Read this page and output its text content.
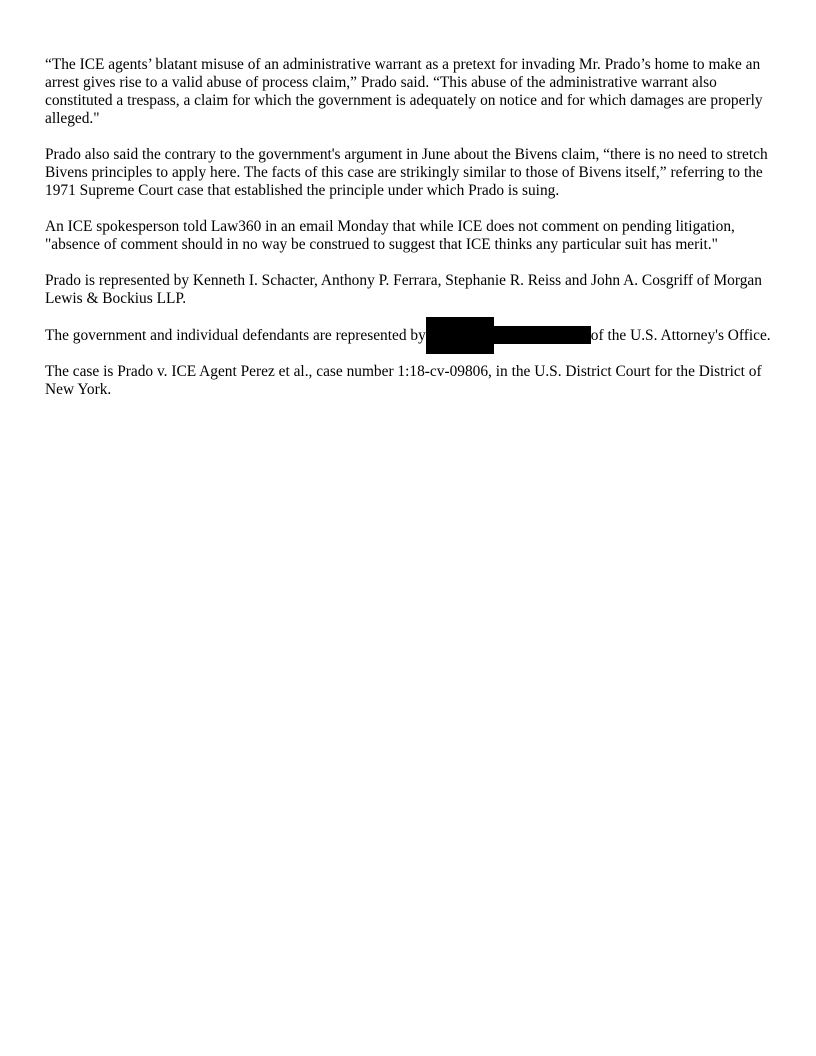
“The ICE agents’ blatant misuse of an administrative warrant as a pretext for invading Mr. Prado’s home to make an arrest gives rise to a valid abuse of process claim,” Prado said. “This abuse of the administrative warrant also constituted a trespass, a claim for which the government is adequately on notice and for which damages are properly alleged."

Prado also said the contrary to the government's argument in June about the Bivens claim, “there is no need to stretch Bivens principles to apply here. The facts of this case are strikingly similar to those of Bivens itself,” referring to the 1971 Supreme Court case that established the principle under which Prado is suing.

An ICE spokesperson told Law360 in an email Monday that while ICE does not comment on pending litigation, "absence of comment should in no way be construed to suggest that ICE thinks any particular suit has merit."

Prado is represented by Kenneth I. Schacter, Anthony P. Ferrara, Stephanie R. Reiss and John A. Cosgriff of Morgan Lewis & Bockius LLP.

The government and individual defendants are represented by	of the U.S. Attorney's Office.

The case is Prado v. ICE Agent Perez et al., case number 1:18-cv-09806, in the U.S. District Court for the District of New York.
